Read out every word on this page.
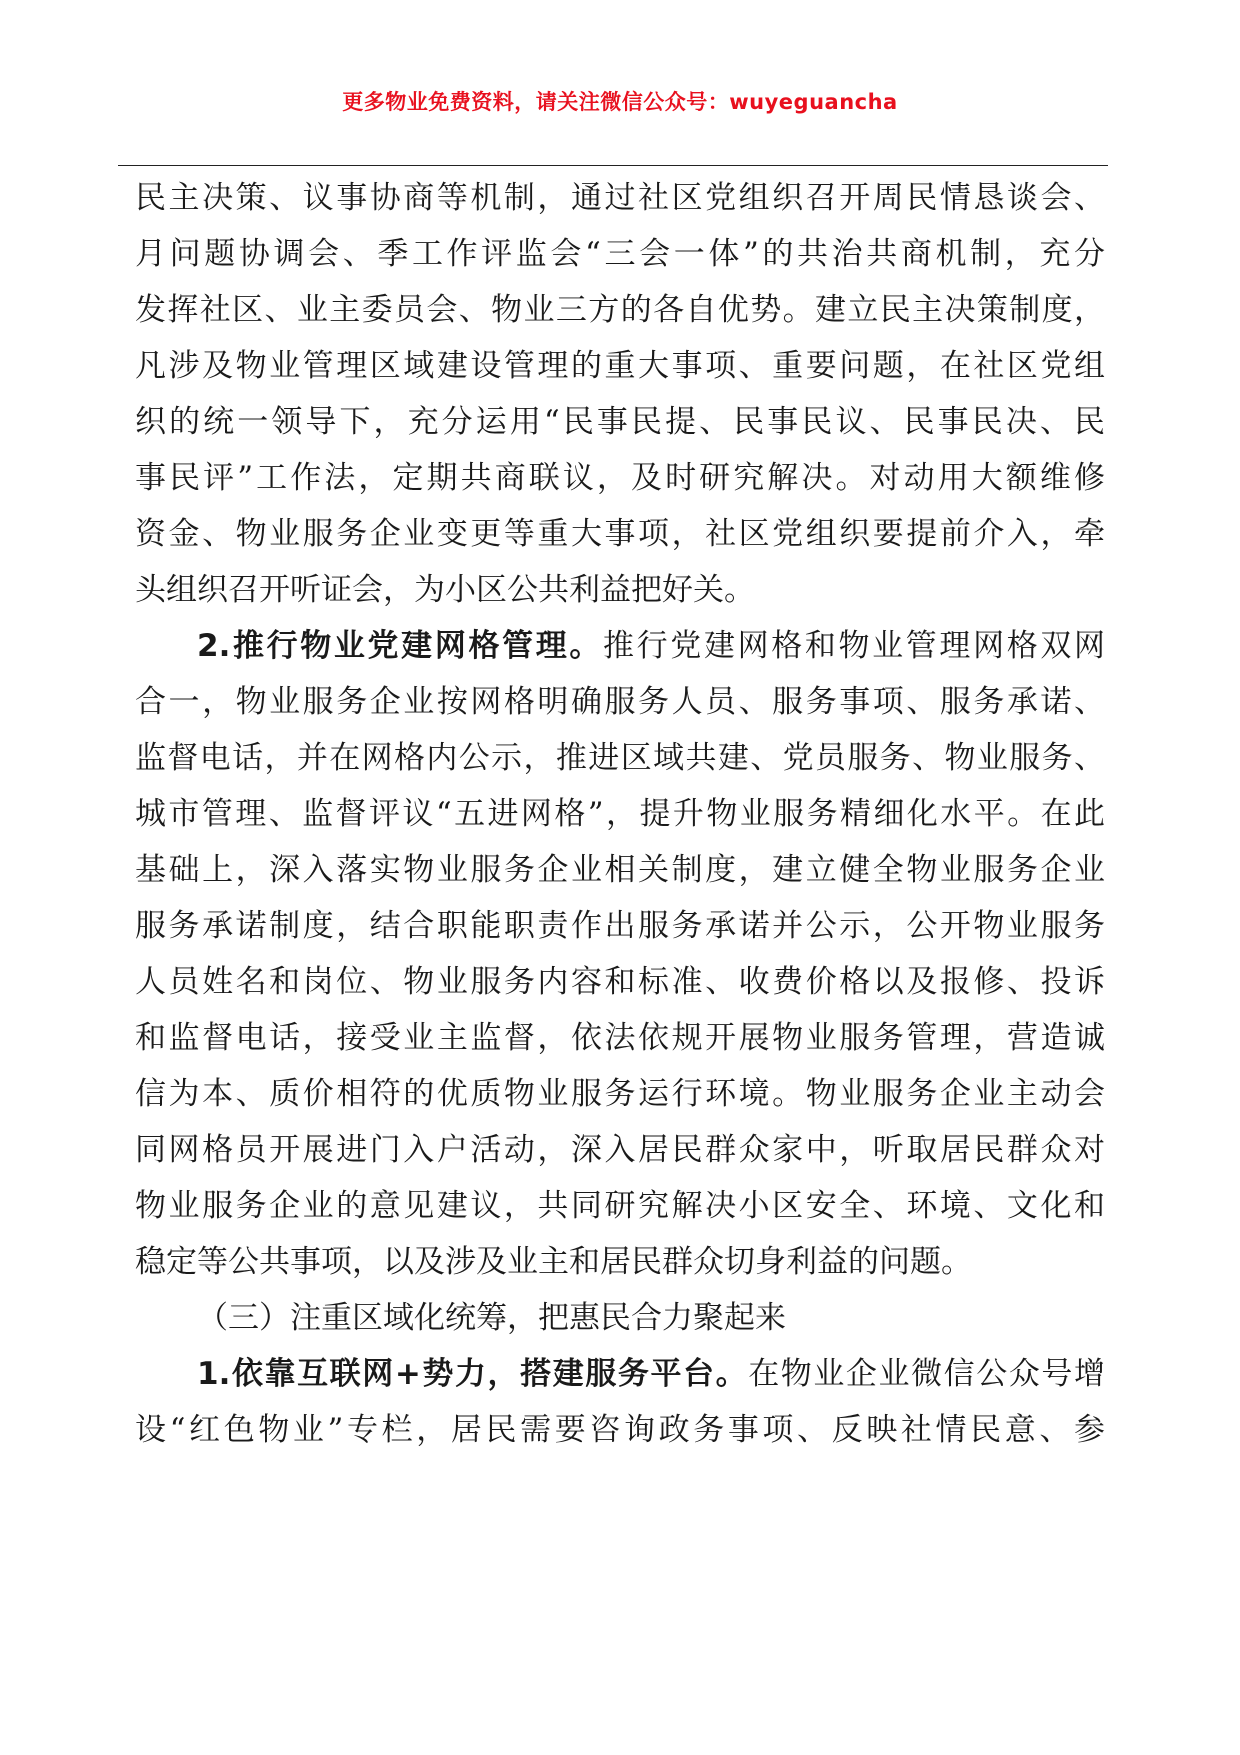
更多物业免费资料，请关注微信公众号：wuyeguancha
民主决策、议事协商等机制，通过社区党组织召开周民情恳谈会、
月问题协调会、季工作评监会“三会一体”的共治共商机制，充分
发挥社区、业主委员会、物业三方的各自优势。建立民主决策制度，
凡涉及物业管理区域建设管理的重大事项、重要问题，在社区党组
织的统一领导下，充分运用“民事民提、民事民议、民事民决、民
事民评”工作法，定期共商联议，及时研究解决。对动用大额维修
资金、物业服务企业变更等重大事项，社区党组织要提前介入，牵
头组织召开听证会，为小区公共利益把好关。
2.推行物业党建网格管理。推行党建网格和物业管理网格双网
合一，物业服务企业按网格明确服务人员、服务事项、服务承诺、
监督电话，并在网格内公示，推进区域共建、党员服务、物业服务、
城市管理、监督评议“五进网格”，提升物业服务精细化水平。在此
基础上，深入落实物业服务企业相关制度，建立健全物业服务企业
服务承诺制度，结合职能职责作出服务承诺并公示，公开物业服务
人员姓名和岗位、物业服务内容和标准、收费价格以及报修、投诉
和监督电话，接受业主监督，依法依规开展物业服务管理，营造诚
信为本、质价相符的优质物业服务运行环境。物业服务企业主动会
同网格员开展进门入户活动，深入居民群众家中，听取居民群众对
物业服务企业的意见建议，共同研究解决小区安全、环境、文化和
稳定等公共事项，以及涉及业主和居民群众切身利益的问题。
（三）注重区域化统筹，把惠民合力聚起来
1.依靠互联网+势力，搭建服务平台。在物业企业微信公众号增
设“红色物业”专栏，居民需要咨询政务事项、反映社情民意、参
